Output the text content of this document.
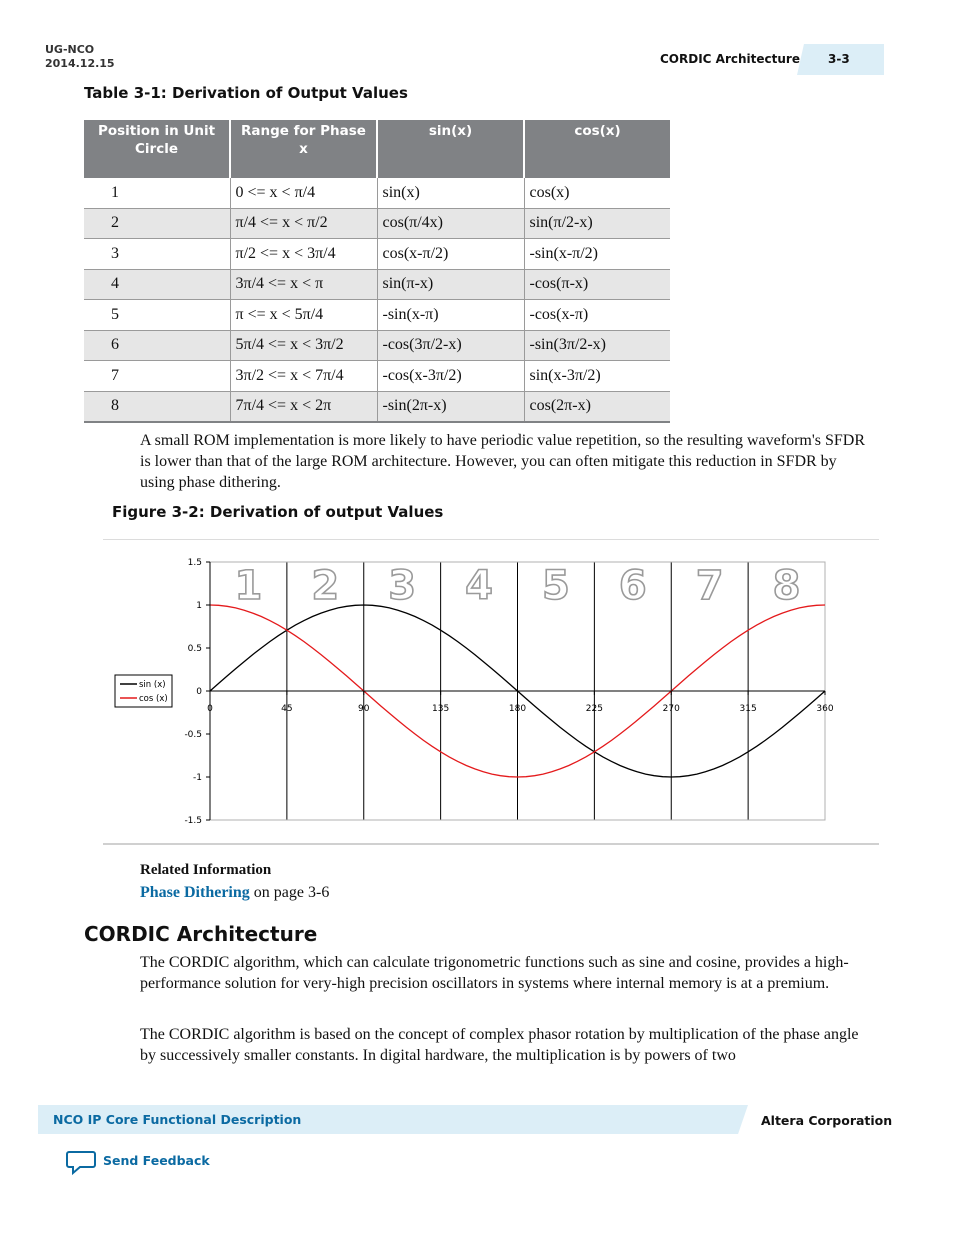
UG-NCO
2014.12.15	CORDIC Architecture 3-3
Table 3-1: Derivation of Output Values
Position in Unit Circle	Range for Phase x	sin(x)	cos(x)
1	0 <= x < π/4	sin(x)	cos(x)
2	π/4 <= x < π/2	cos(π/4x)	sin(π/2-x)
3	π/2 <= x < 3π/4	cos(x-π/2)	-sin(x-π/2)
4	3π/4 <= x < π	sin(π-x)	-cos(π-x)
5	π <= x < 5π/4	-sin(x-π)	-cos(x-π)
6	5π/4 <= x < 3π/2	-cos(3π/2-x)	-sin(3π/2-x)
7	3π/2 <= x < 7π/4	-cos(x-3π/2)	sin(x-3π/2)
8	7π/4 <= x < 2π	-sin(2π-x)	cos(2π-x)
A small ROM implementation is more likely to have periodic value repetition, so the resulting waveform's SFDR is lower than that of the large ROM architecture. However, you can often mitigate this reduction in SFDR by using phase dithering.
Figure 3-2: Derivation of output Values
1 2 3 4 5 6 7 8
1.5
1
0.5
0
-0.5
-1
-1.5
0	45	90	135	180	225	270	315	360
sin (x)
cos (x)
Related Information
Phase Dithering on page 3-6
CORDIC Architecture
The CORDIC algorithm, which can calculate trigonometric functions such as sine and cosine, provides a high-performance solution for very-high precision oscillators in systems where internal memory is at a premium.
The CORDIC algorithm is based on the concept of complex phasor rotation by multiplication of the phase angle by successively smaller constants. In digital hardware, the multiplication is by powers of two
NCO IP Core Functional Description	Altera Corporation
Send Feedback
